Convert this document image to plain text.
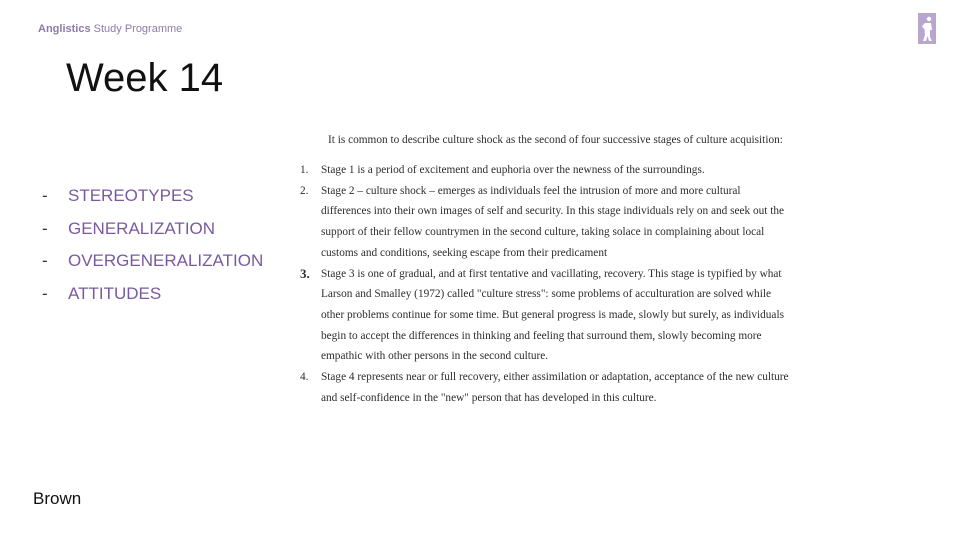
Anglistics Study Programme
Week 14
-	STEREOTYPES
-	GENERALIZATION
-	OVERGENERALIZATION
-	ATTITUDES

It is common to describe culture shock as the second of four successive stages of culture acquisition:

1.	Stage 1 is a period of excitement and euphoria over the newness of the surroundings.
2.	Stage 2 – culture shock – emerges as individuals feel the intrusion of more and more cultural differences into their own images of self and security. In this stage individuals rely on and seek out the support of their fellow countrymen in the second culture, taking solace in complaining about local customs and conditions, seeking escape from their predicament
3. Stage 3 is one of gradual, and at first tentative and vacillating, recovery. This stage is typified by what Larson and Smalley (1972) called "culture stress": some problems of acculturation are solved while other problems continue for some time. But general progress is made, slowly but surely, as individuals begin to accept the differences in thinking and feeling that surround them, slowly becoming more empathic with other persons in the second culture.
4.	Stage 4 represents near or full recovery, either assimilation or adaptation, acceptance of the new culture and self-confidence in the "new" person that has developed in this culture.
Brown
